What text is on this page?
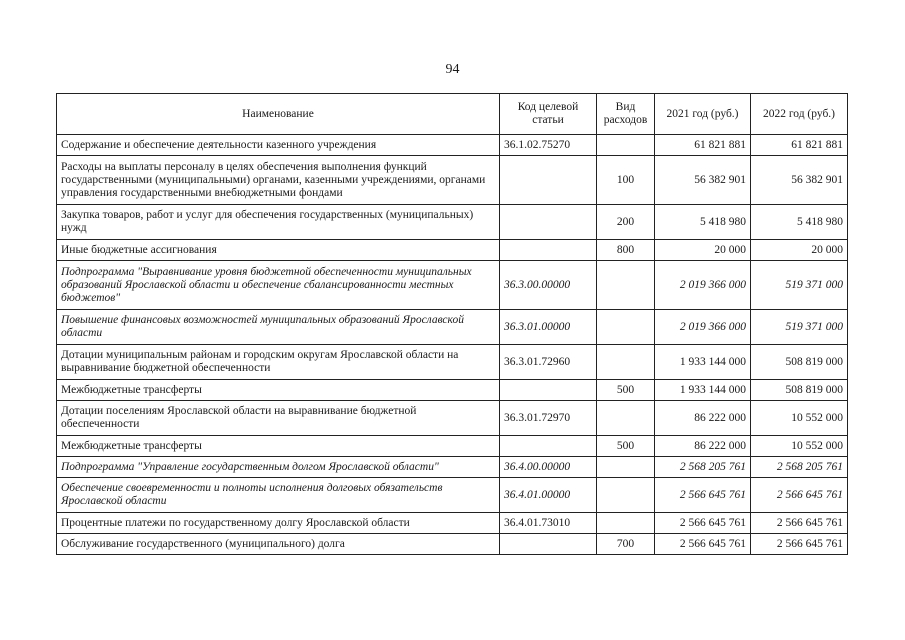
94
Наименование	Код целевой статьи	Вид расходов	2021 год (руб.)	2022 год (руб.)
Содержание и обеспечение деятельности казенного учреждения	36.1.02.75270		61 821 881	61 821 881
Расходы на выплаты персоналу в целях обеспечения выполнения функций государственными (муниципальными) органами, казенными учреждениями, органами управления государственными внебюджетными фондами		100	56 382 901	56 382 901
Закупка товаров, работ и услуг для обеспечения государственных (муниципальных) нужд		200	5 418 980	5 418 980
Иные бюджетные ассигнования		800	20 000	20 000
Подпрограмма "Выравнивание уровня бюджетной обеспеченности муниципальных образований Ярославской области и обеспечение сбалансированности местных бюджетов"	36.3.00.00000		2 019 366 000	519 371 000
Повышение финансовых возможностей муниципальных образований Ярославской области	36.3.01.00000		2 019 366 000	519 371 000
Дотации муниципальным районам и городским округам Ярославской области на выравнивание бюджетной обеспеченности	36.3.01.72960		1 933 144 000	508 819 000
Межбюджетные трансферты		500	1 933 144 000	508 819 000
Дотации поселениям Ярославской области на выравнивание бюджетной обеспеченности	36.3.01.72970		86 222 000	10 552 000
Межбюджетные трансферты		500	86 222 000	10 552 000
Подпрограмма "Управление государственным долгом Ярославской области"	36.4.00.00000		2 568 205 761	2 568 205 761
Обеспечение своевременности и полноты исполнения долговых обязательств Ярославской области	36.4.01.00000		2 566 645 761	2 566 645 761
Процентные платежи по государственному долгу Ярославской области	36.4.01.73010		2 566 645 761	2 566 645 761
Обслуживание государственного (муниципального) долга		700	2 566 645 761	2 566 645 761
